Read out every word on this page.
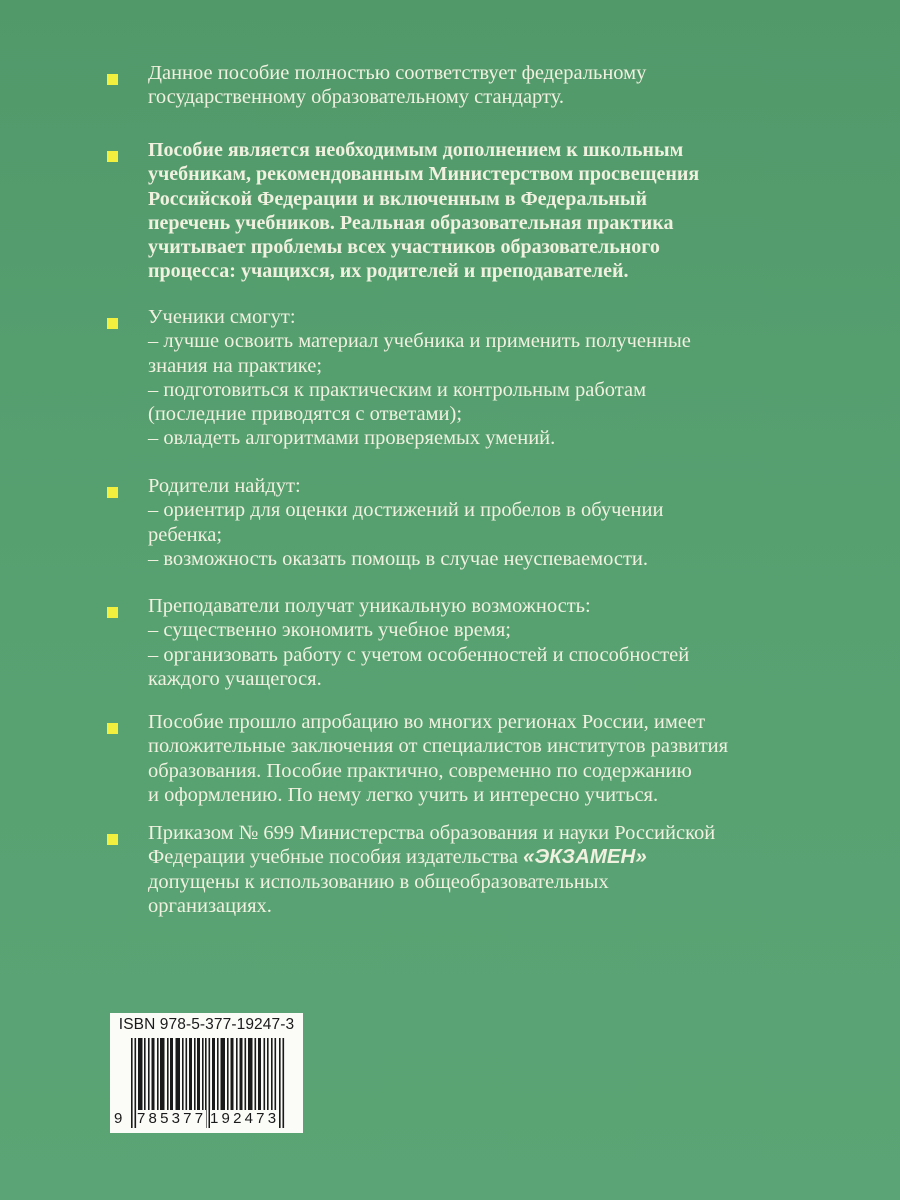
Данное пособие полностью соответствует федеральному
государственному образовательному стандарту.
Пособие является необходимым дополнением к школьным
учебникам, рекомендованным Министерством просвещения
Российской Федерации и включенным в Федеральный
перечень учебников. Реальная образовательная практика
учитывает проблемы всех участников образовательного
процесса: учащихся, их родителей и преподавателей.
Ученики смогут:
– лучше освоить материал учебника и применить полученные
знания на практике;
– подготовиться к практическим и контрольным работам
(последние приводятся с ответами);
– овладеть алгоритмами проверяемых умений.
Родители найдут:
– ориентир для оценки достижений и пробелов в обучении
ребенка;
– возможность оказать помощь в случае неуспеваемости.
Преподаватели получат уникальную возможность:
– существенно экономить учебное время;
– организовать работу с учетом особенностей и способностей
каждого учащегося.
Пособие прошло апробацию во многих регионах России, имеет
положительные заключения от специалистов институтов развития
образования. Пособие практично, современно по содержанию
и оформлению. По нему легко учить и интересно учиться.
Приказом № 699 Министерства образования и науки Российской
Федерации учебные пособия издательства «ЭКЗАМЕН»
допущены к использованию в общеобразовательных
организациях.
ISBN 978-5-377-19247-3
9 785377 192473
